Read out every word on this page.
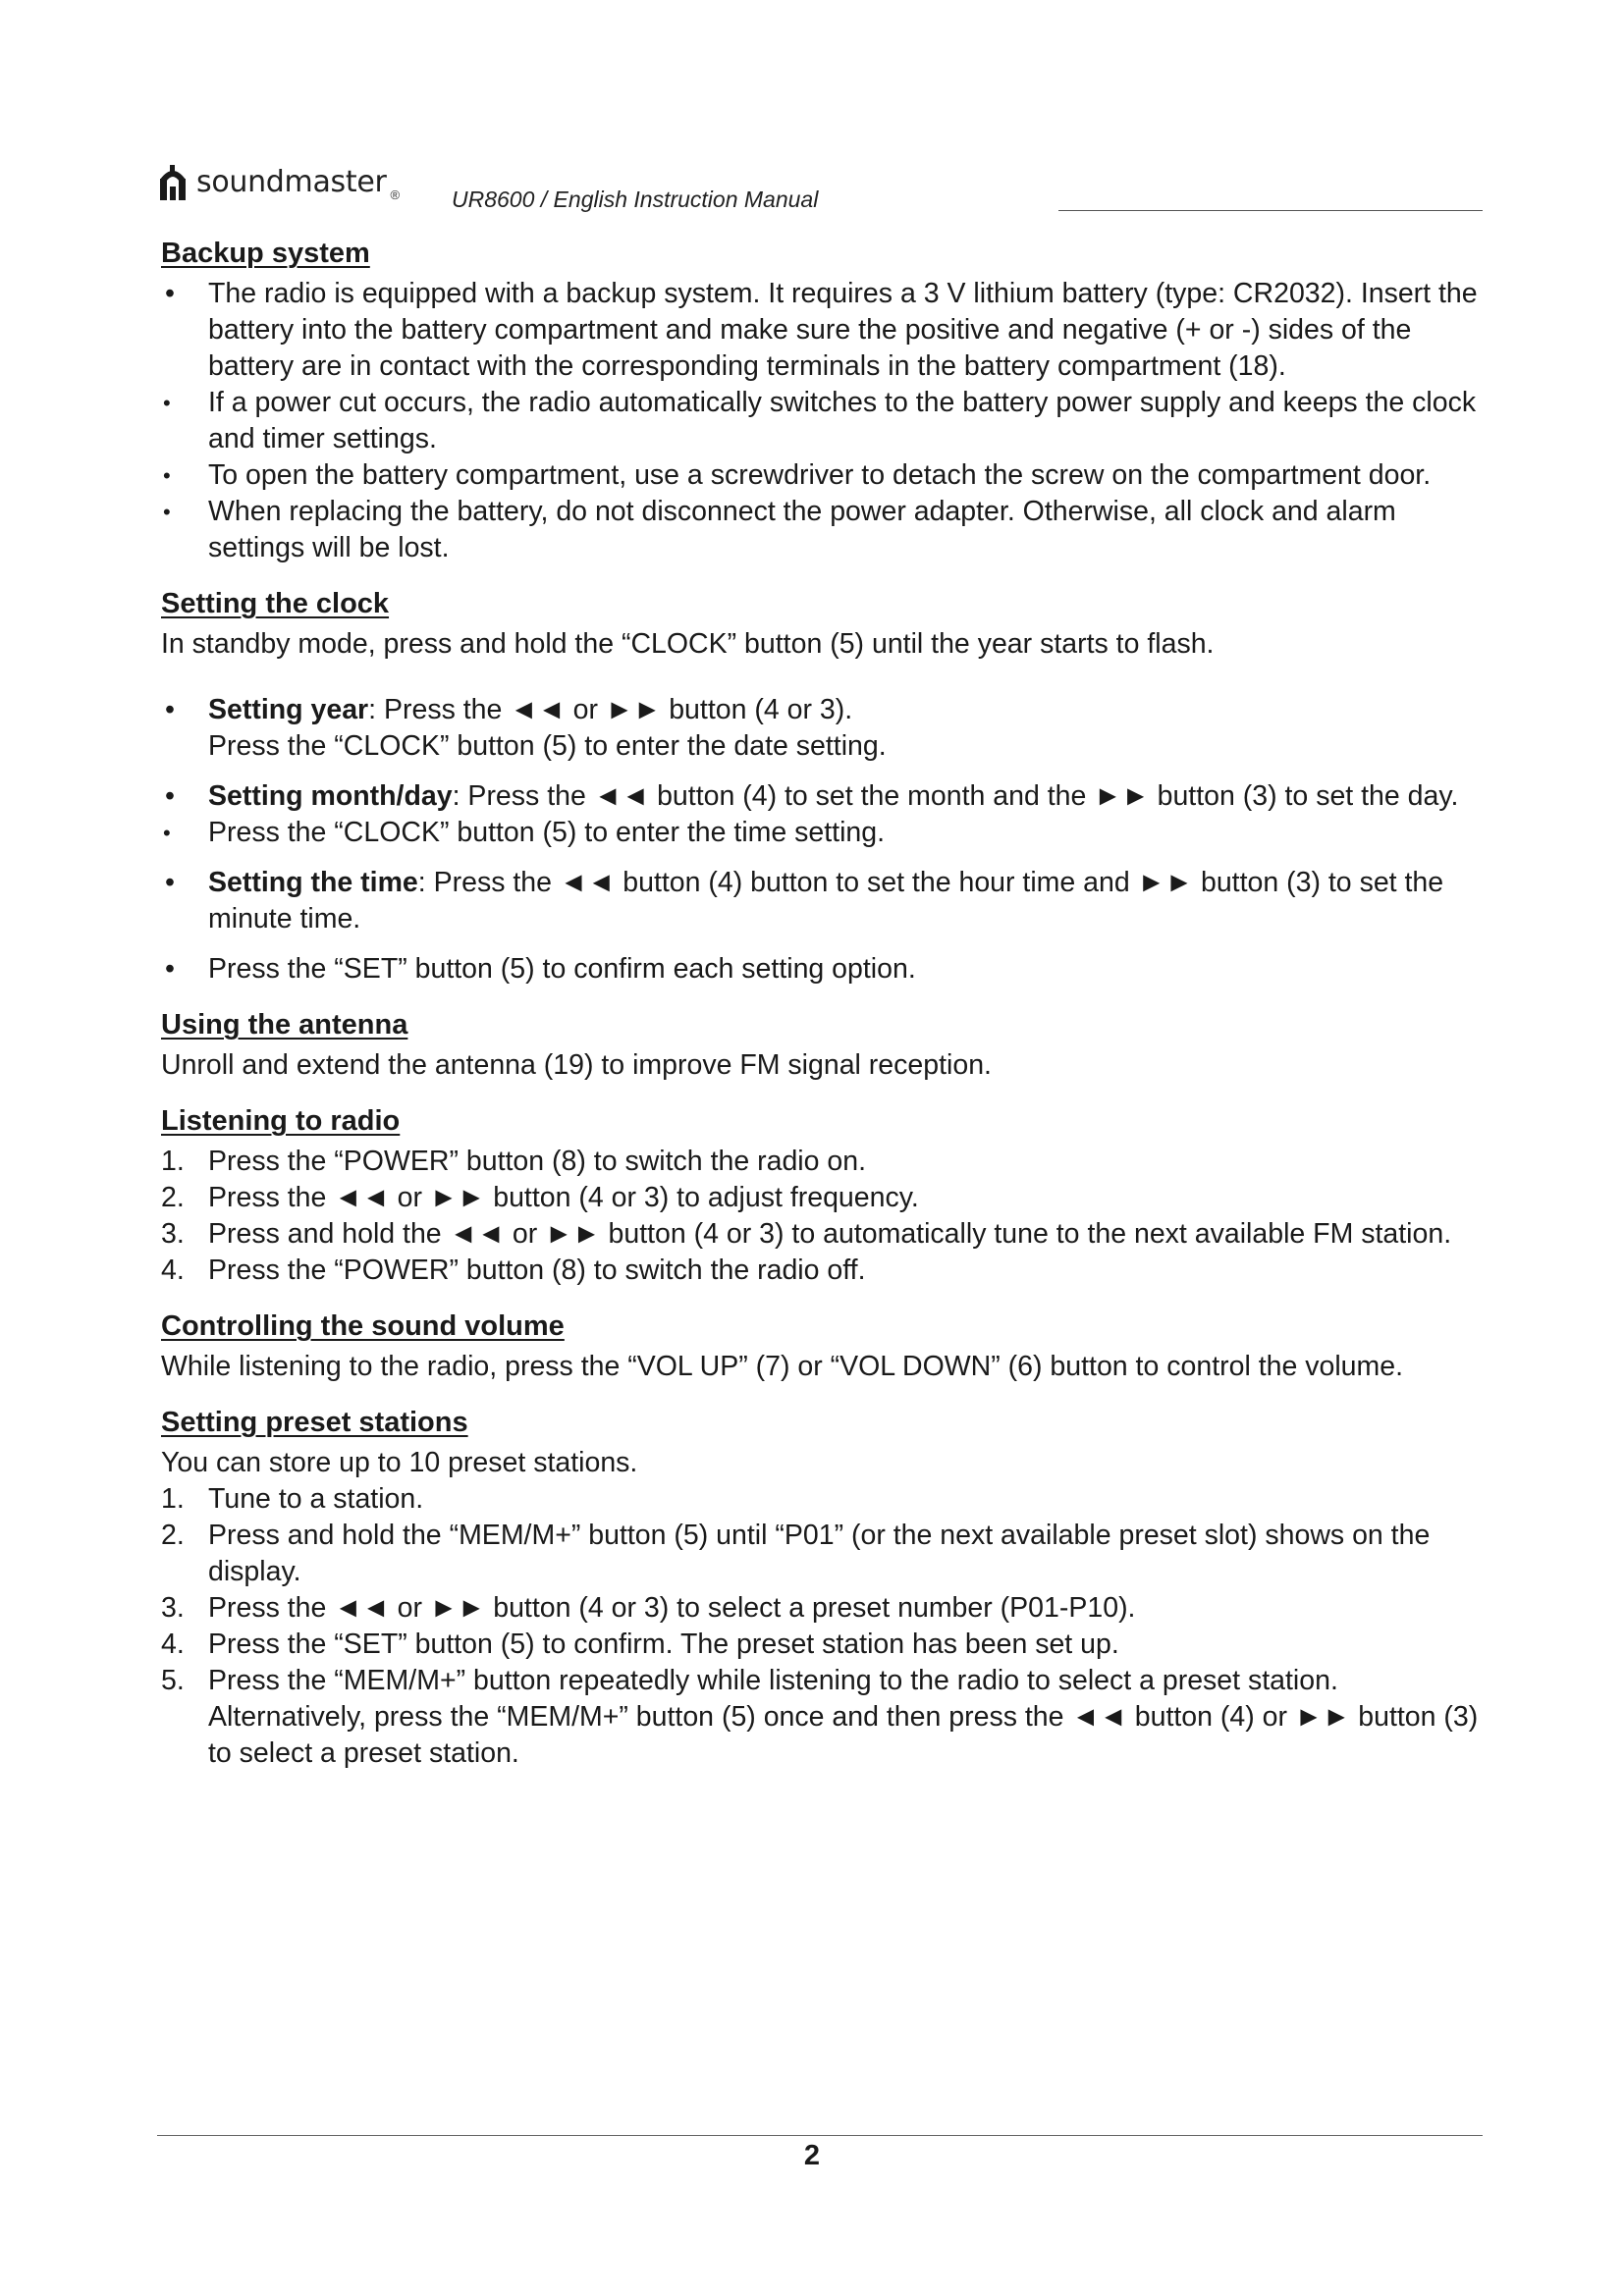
soundmaster ® UR8600 / English Instruction Manual
Backup system
• The radio is equipped with a backup system. It requires a 3 V lithium battery (type: CR2032). Insert the battery into the battery compartment and make sure the positive and negative (+ or -) sides of the battery are in contact with the corresponding terminals in the battery compartment (18).
• If a power cut occurs, the radio automatically switches to the battery power supply and keeps the clock and timer settings.
• To open the battery compartment, use a screwdriver to detach the screw on the compartment door.
• When replacing the battery, do not disconnect the power adapter. Otherwise, all clock and alarm settings will be lost.
Setting the clock
In standby mode, press and hold the “CLOCK” button (5) until the year starts to flash.
• Setting year: Press the ◄◄ or ►► button (4 or 3).
Press the “CLOCK” button (5) to enter the date setting.
• Setting month/day: Press the ◄◄ button (4) to set the month and the ►► button (3) to set the day.
• Press the “CLOCK” button (5) to enter the time setting.
• Setting the time: Press the ◄◄ button (4) button to set the hour time and ►► button (3) to set the minute time.
• Press the “SET” button (5) to confirm each setting option.
Using the antenna
Unroll and extend the antenna (19) to improve FM signal reception.
Listening to radio
1. Press the “POWER” button (8) to switch the radio on.
2. Press the ◄◄ or ►► button (4 or 3) to adjust frequency.
3. Press and hold the ◄◄ or ►► button (4 or 3) to automatically tune to the next available FM station.
4. Press the “POWER” button (8) to switch the radio off.
Controlling the sound volume
While listening to the radio, press the “VOL UP” (7) or “VOL DOWN” (6) button to control the volume.
Setting preset stations
You can store up to 10 preset stations.
1. Tune to a station.
2. Press and hold the “MEM/M+” button (5) until “P01” (or the next available preset slot) shows on the display.
3. Press the ◄◄ or ►► button (4 or 3) to select a preset number (P01-P10).
4. Press the “SET” button (5) to confirm. The preset station has been set up.
5. Press the “MEM/M+” button repeatedly while listening to the radio to select a preset station. Alternatively, press the “MEM/M+” button (5) once and then press the ◄◄ button (4) or ►► button (3) to select a preset station.
2
